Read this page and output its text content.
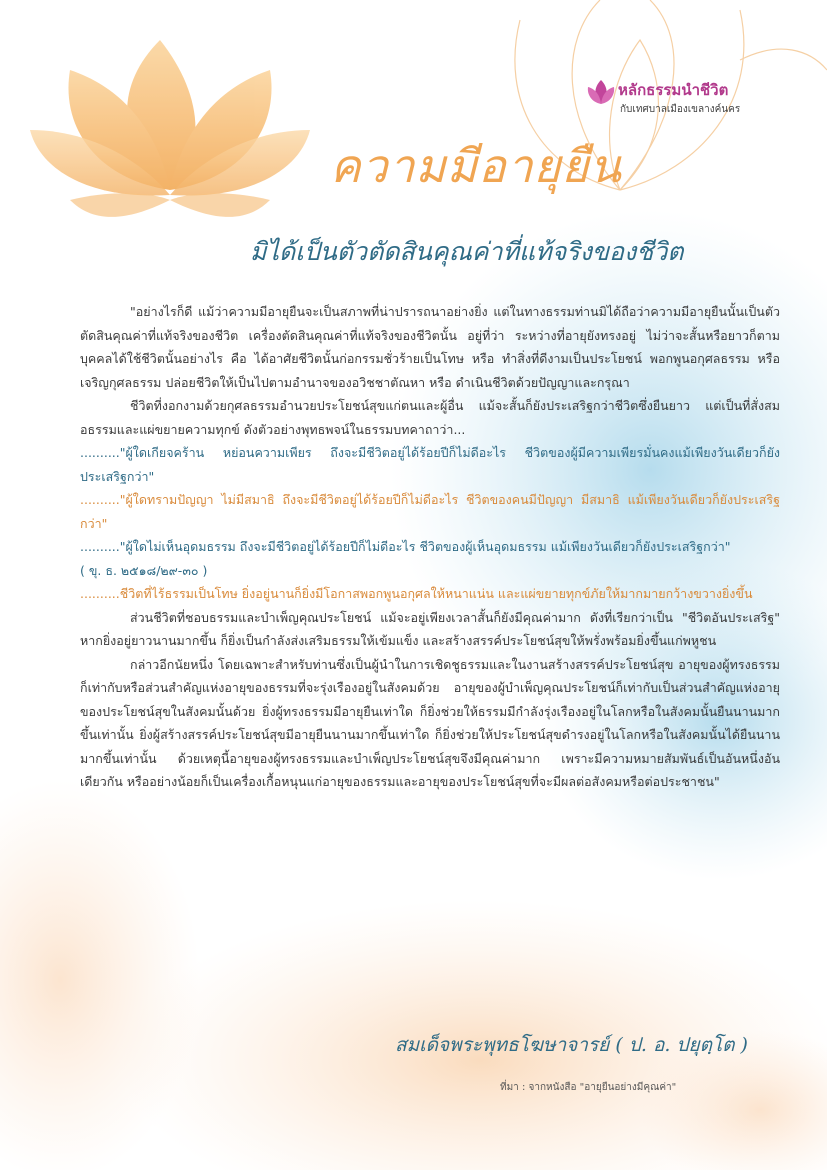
หลักธรรมนำชีวิต
กับเทศบาลเมืองเขลางค์นคร
ความมีอายุยืน
มิได้เป็นตัวตัดสินคุณค่าที่แท้จริงของชีวิต

"อย่างไรก็ดี แม้ว่าความมีอายุยืนจะเป็นสภาพที่น่าปรารถนาอย่างยิ่ง แต่ในทางธรรมท่านมิได้ถือว่าความมีอายุยืนนั้นเป็นตัวตัดสินคุณค่าที่แท้จริงของชีวิต เครื่องตัดสินคุณค่าที่แท้จริงของชีวิตนั้น อยู่ที่ว่า ระหว่างที่อายุยังทรงอยู่ ไม่ว่าจะสั้นหรือยาวก็ตาม บุคคลได้ใช้ชีวิตนั้นอย่างไร คือ ได้อาศัยชีวิตนั้นก่อกรรมชั่วร้ายเป็นโทษ หรือ ทำสิ่งที่ดีงามเป็นประโยชน์ พอกพูนอกุศลธรรม หรือ เจริญกุศลธรรม ปล่อยชีวิตให้เป็นไปตามอำนาจของอวิชชาตัณหา หรือ ดำเนินชีวิตด้วยปัญญาและกรุณา

ชีวิตที่งอกงามด้วยกุศลธรรมอำนวยประโยชน์สุขแก่ตนและผู้อื่น แม้จะสั้นก็ยังประเสริฐกว่าชีวิตซึ่งยืนยาว แต่เป็นที่สั่งสมอธรรมและแผ่ขยายความทุกข์ ดังตัวอย่างพุทธพจน์ในธรรมบทคาถาว่า...

.........."ผู้ใดเกียจคร้าน หย่อนความเพียร ถึงจะมีชีวิตอยู่ได้ร้อยปีก็ไม่ดีอะไร ชีวิตของผู้มีความเพียรมั่นคงแม้เพียงวันเดียวก็ยังประเสริฐกว่า"

.........."ผู้ใดทรามปัญญา ไม่มีสมาธิ ถึงจะมีชีวิตอยู่ได้ร้อยปีก็ไม่ดีอะไร ชีวิตของคนมีปัญญา มีสมาธิ แม้เพียงวันเดียวก็ยังประเสริฐกว่า"

.........."ผู้ใดไม่เห็นอุดมธรรม ถึงจะมีชีวิตอยู่ได้ร้อยปีก็ไม่ดีอะไร ชีวิตของผู้เห็นอุดมธรรม แม้เพียงวันเดียวก็ยังประเสริฐกว่า"

( ขุ. ธ. ๒๕๑๘/๒๙-๓๐ )

..........ชีวิตที่ไร้ธรรมเป็นโทษ ยิ่งอยู่นานก็ยิ่งมีโอกาสพอกพูนอกุศลให้หนาแน่น และแผ่ขยายทุกข์ภัยให้มากมายกว้างขวางยิ่งขึ้น

ส่วนชีวิตที่ชอบธรรมและบำเพ็ญคุณประโยชน์ แม้จะอยู่เพียงเวลาสั้นก็ยังมีคุณค่ามาก ดังที่เรียกว่าเป็น "ชีวิตอันประเสริฐ" หากยิ่งอยู่ยาวนานมากขึ้น ก็ยิ่งเป็นกำลังส่งเสริมธรรมให้เข้มแข็ง และสร้างสรรค์ประโยชน์สุขให้พรั่งพร้อมยิ่งขึ้นแก่พหูชน

กล่าวอีกนัยหนึ่ง โดยเฉพาะสำหรับท่านซึ่งเป็นผู้นำในการเชิดชูธรรมและในงานสร้างสรรค์ประโยชน์สุข อายุของผู้ทรงธรรมก็เท่ากับหรือส่วนสำคัญแห่งอายุของธรรมที่จะรุ่งเรืองอยู่ในสังคมด้วย อายุของผู้บำเพ็ญคุณประโยชน์ก็เท่ากับเป็นส่วนสำคัญแห่งอายุของประโยชน์สุขในสังคมนั้นด้วย ยิ่งผู้ทรงธรรมมีอายุยืนเท่าใด ก็ยิ่งช่วยให้ธรรมมีกำลังรุ่งเรืองอยู่ในโลกหรือในสังคมนั้นยืนนานมากขึ้นเท่านั้น ยิ่งผู้สร้างสรรค์ประโยชน์สุขมีอายุยืนนานมากขึ้นเท่าใด ก็ยิ่งช่วยให้ประโยชน์สุขดำรงอยู่ในโลกหรือในสังคมนั้นได้ยืนนานมากขึ้นเท่านั้น ด้วยเหตุนี้อายุของผู้ทรงธรรมและบำเพ็ญประโยชน์สุขจึงมีคุณค่ามาก เพราะมีความหมายสัมพันธ์เป็นอันหนึ่งอันเดียวกัน หรืออย่างน้อยก็เป็นเครื่องเกื้อหนุนแก่อายุของธรรมและอายุของประโยชน์สุขที่จะมีผลต่อสังคมหรือต่อประชาชน"

สมเด็จพระพุทธโฆษาจารย์ ( ป. อ. ปยุตฺโต )
ที่มา : จากหนังสือ "อายุยืนอย่างมีคุณค่า"
